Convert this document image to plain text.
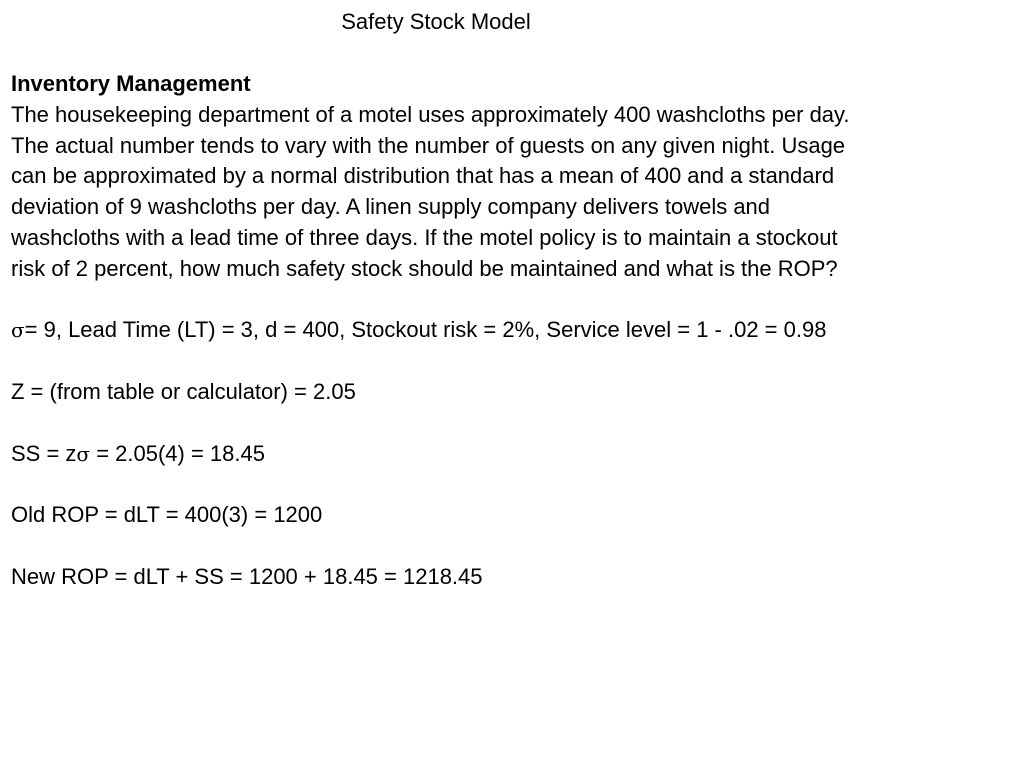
Safety Stock Model

Inventory Management

The housekeeping department of a motel uses approximately 400 washcloths per day.

The actual number tends to vary with the number of guests on any given night. Usage

can be approximated by a normal distribution that has a mean of 400 and a standard

deviation of 9 washcloths per day. A linen supply company delivers towels and

washcloths with a lead time of three days. If the motel policy is to maintain a stockout

risk of 2 percent, how much safety stock should be maintained and what is the ROP?

σ= 9, Lead Time (LT) = 3, d = 400, Stockout risk = 2%, Service level = 1 - .02 = 0.98

Z = (from table or calculator) = 2.05

SS = zσ = 2.05(4) = 18.45

Old ROP = dLT = 400(3) = 1200

New ROP = dLT + SS = 1200 + 18.45 = 1218.45
